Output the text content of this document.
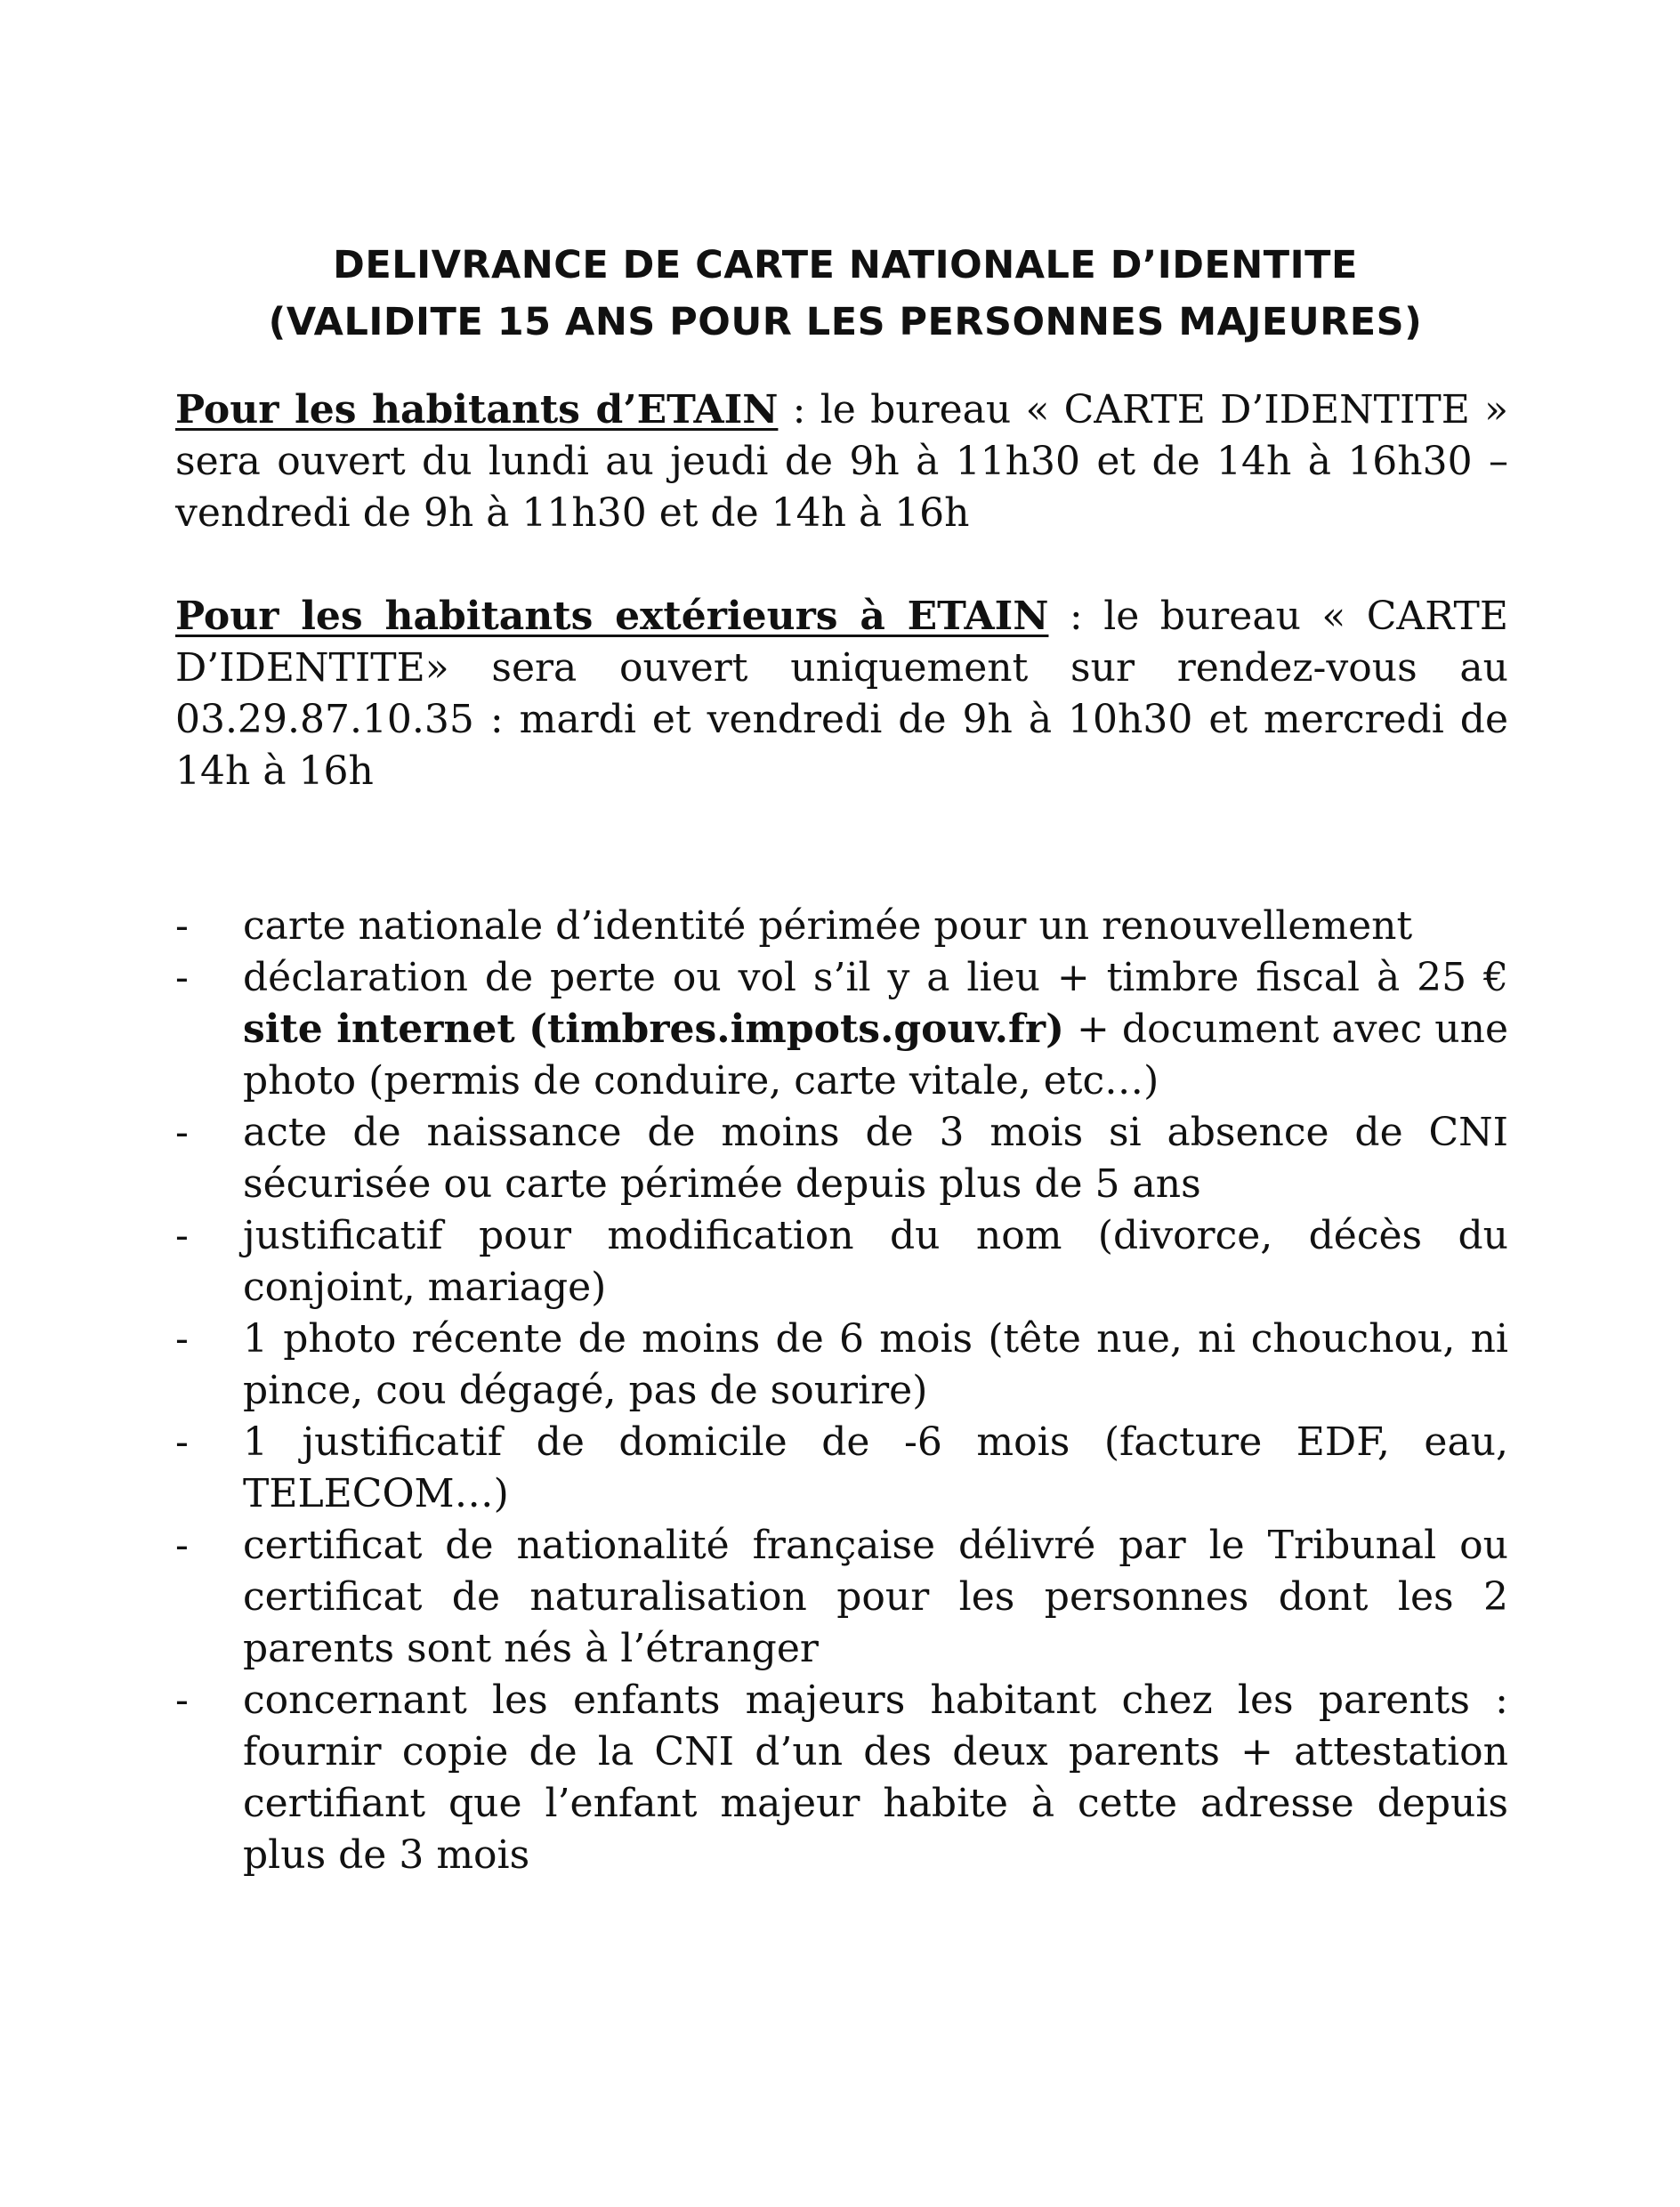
DELIVRANCE DE CARTE NATIONALE D’IDENTITE
(VALIDITE 15 ANS POUR LES PERSONNES MAJEURES)

Pour les habitants d’ETAIN : le bureau « CARTE D’IDENTITE » sera ouvert du lundi au jeudi de 9h à 11h30 et de 14h à 16h30 – vendredi de 9h à 11h30 et de 14h à 16h

Pour les habitants extérieurs à ETAIN : le bureau « CARTE D’IDENTITE» sera ouvert uniquement sur rendez-vous au 03.29.87.10.35 : mardi et vendredi de 9h à 10h30 et mercredi de 14h à 16h

- carte nationale d’identité périmée pour un renouvellement
- déclaration de perte ou vol s’il y a lieu + timbre fiscal à 25 € site internet (timbres.impots.gouv.fr) + document avec une photo (permis de conduire, carte vitale, etc…)
- acte de naissance de moins de 3 mois si absence de CNI sécurisée ou carte périmée depuis plus de 5 ans
- justificatif pour modification du nom (divorce, décès du conjoint, mariage)
- 1 photo récente de moins de 6 mois (tête nue, ni chouchou, ni pince, cou dégagé, pas de sourire)
- 1 justificatif de domicile de -6 mois (facture EDF, eau, TELECOM…)
- certificat de nationalité française délivré par le Tribunal ou certificat de naturalisation pour les personnes dont les 2 parents sont nés à l’étranger
- concernant les enfants majeurs habitant chez les parents : fournir copie de la CNI d’un des deux parents + attestation certifiant que l’enfant majeur habite à cette adresse depuis plus de 3 mois
